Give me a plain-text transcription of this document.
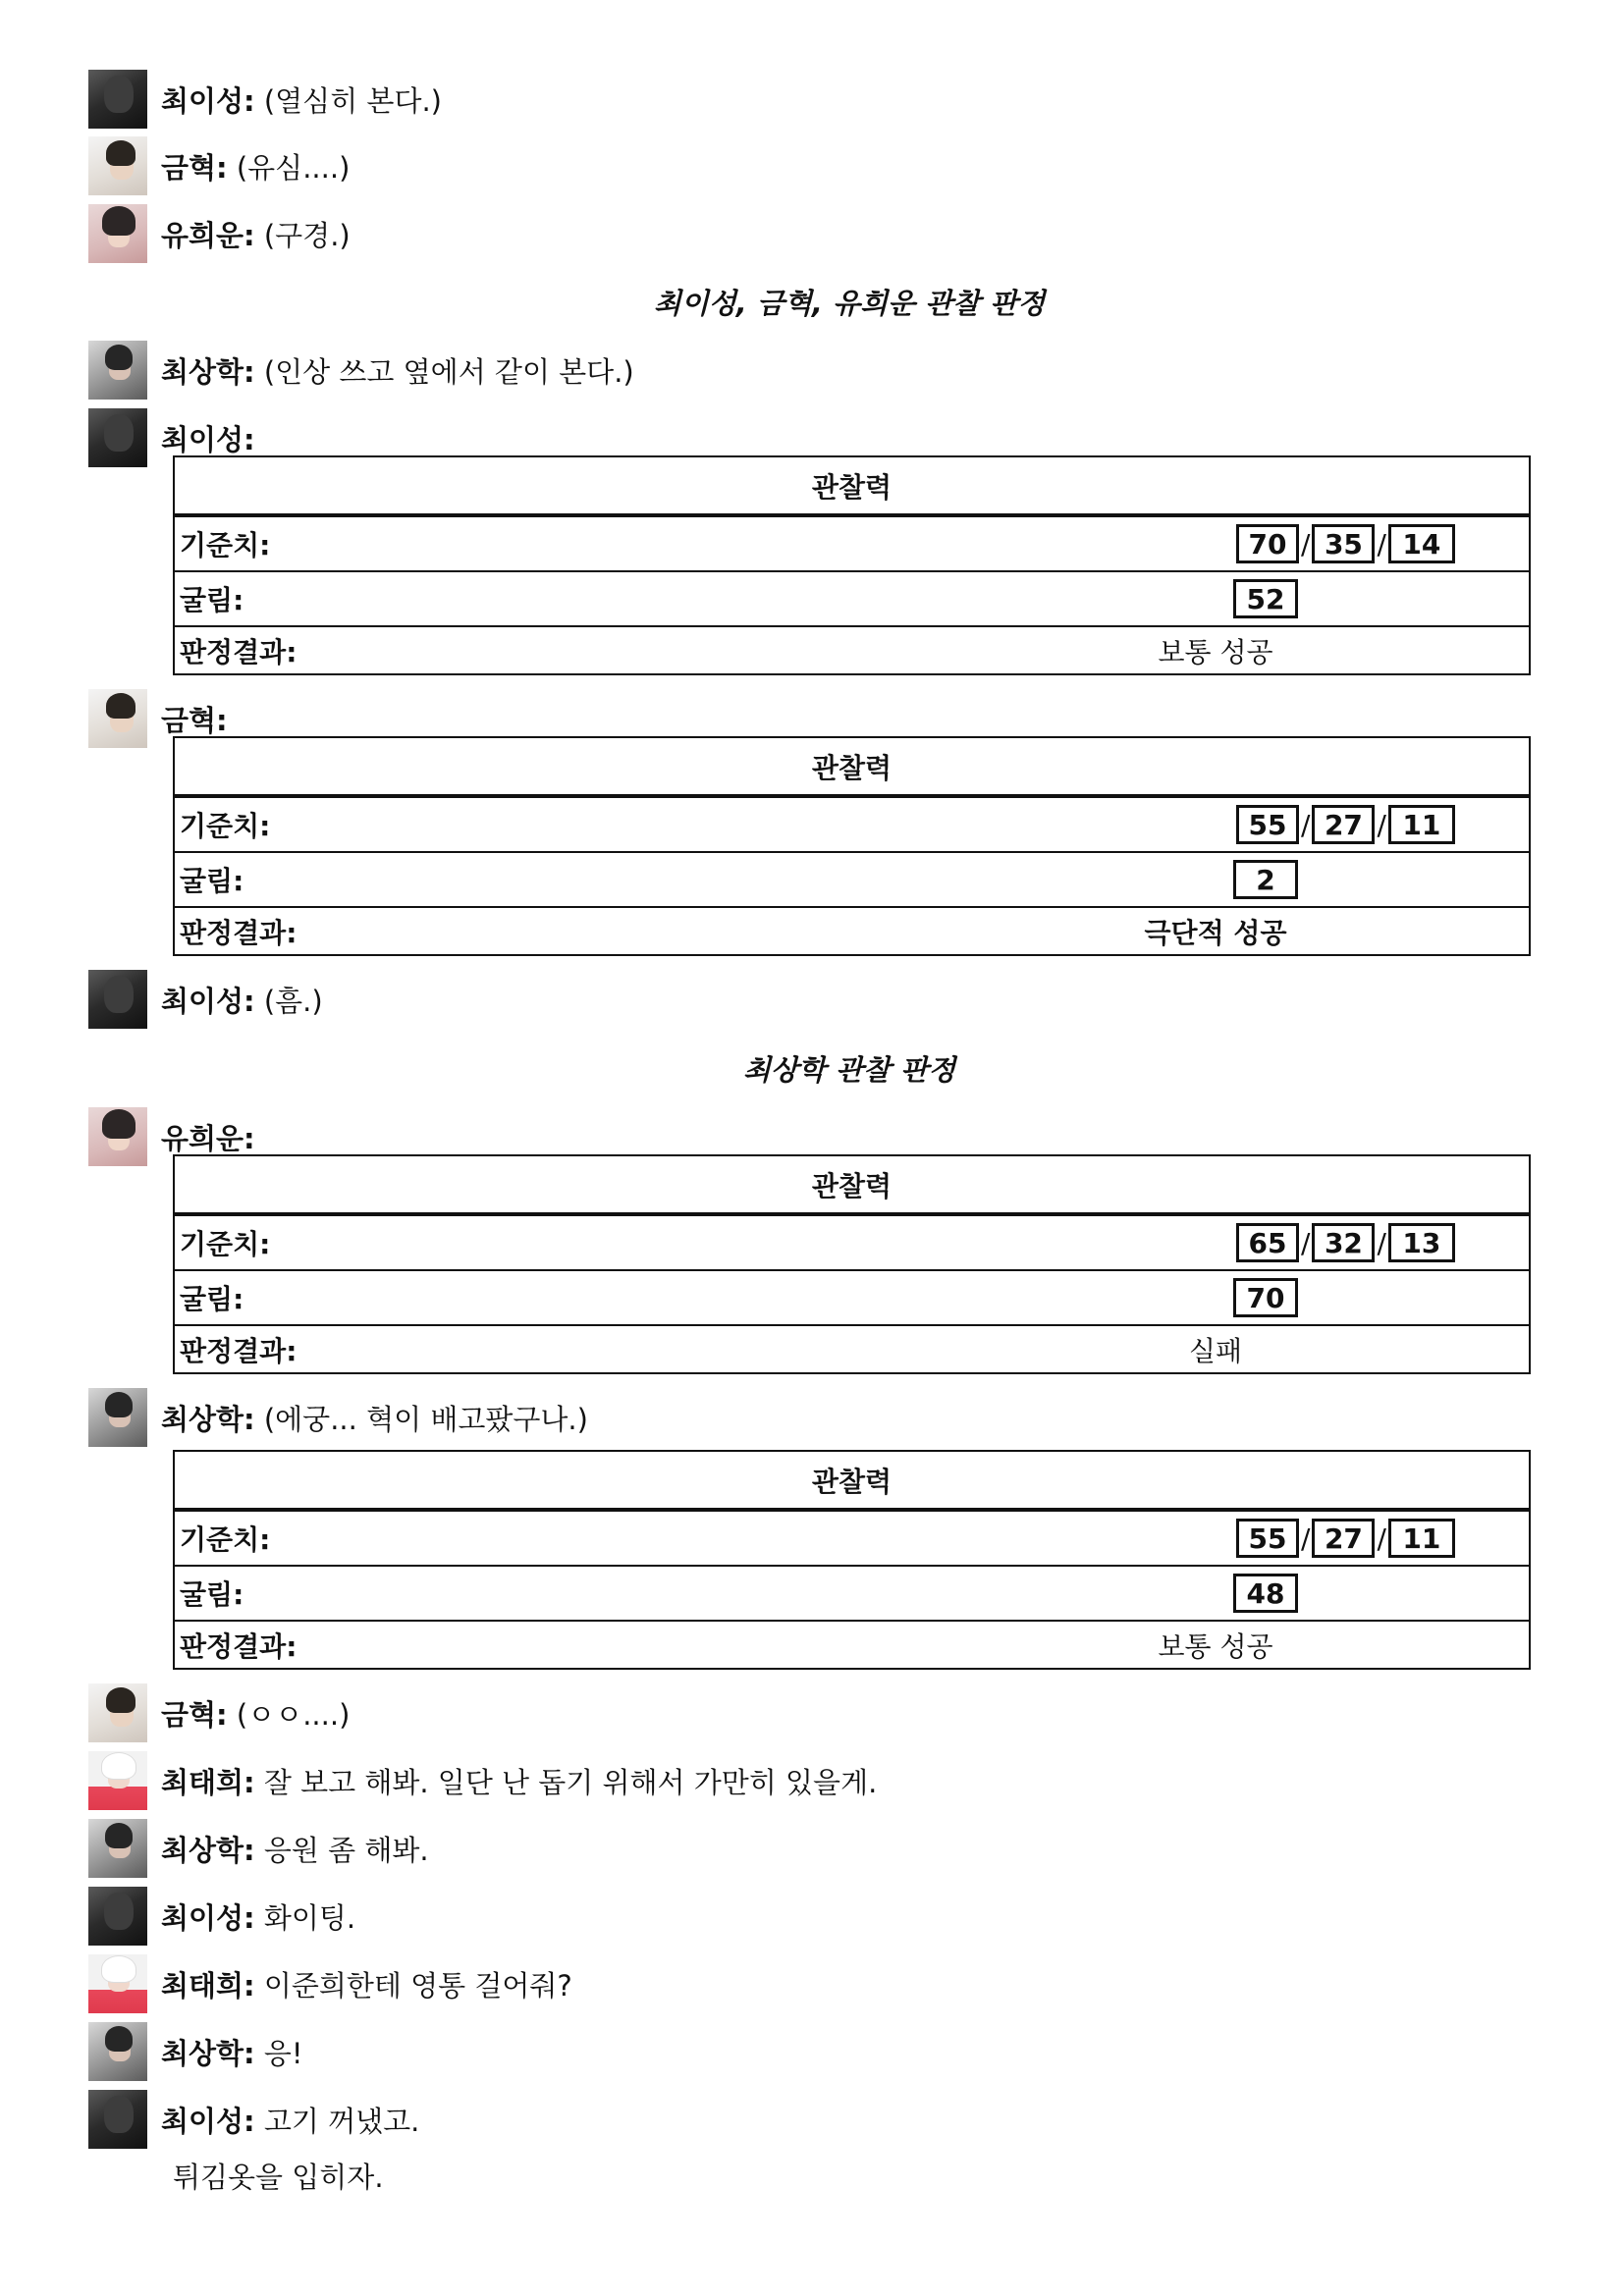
최이성: (열심히 본다.)
금혁: (유심....)
유희운: (구경.)
최이성, 금혁, 유희운 관찰 판정
최상학: (인상 쓰고 옆에서 같이 본다.)
최이성:
관찰력
기준치:	70 / 35 / 14
굴림:	52
판정결과:	보통 성공
금혁:
관찰력
기준치:	55 / 27 / 11
굴림:	2
판정결과:	극단적 성공
최이성: (흠.)
최상학 관찰 판정
유희운:
관찰력
기준치:	65 / 32 / 13
굴림:	70
판정결과:	실패
최상학: (에궁... 혁이 배고팠구나.)
관찰력
기준치:	55 / 27 / 11
굴림:	48
판정결과:	보통 성공
금혁: (ㅇㅇ....)
최태희: 잘 보고 해봐. 일단 난 돕기 위해서 가만히 있을게.
최상학: 응원 좀 해봐.
최이성: 화이팅.
최태희: 이준희한테 영통 걸어줘?
최상학: 응!
최이성: 고기 꺼냈고.
튀김옷을 입히자.
